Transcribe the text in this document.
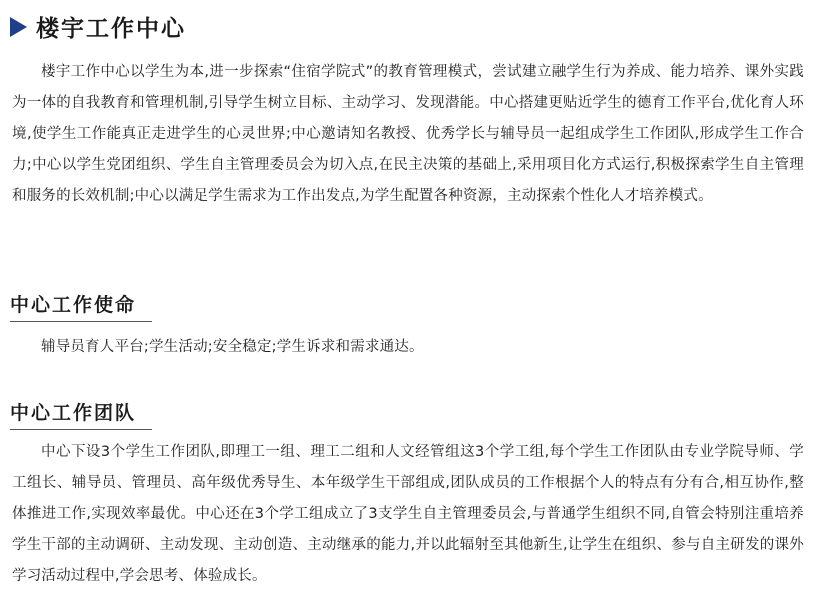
楼宇工作中心

楼宇工作中心以学生为本,进一步探索“住宿学院式”的教育管理模式，尝试建立融学生行为养成、能力培养、课外实践为一体的自我教育和管理机制,引导学生树立目标、主动学习、发现潜能。中心搭建更贴近学生的德育工作平台,优化育人环境,使学生工作能真正走进学生的心灵世界;中心邀请知名教授、优秀学长与辅导员一起组成学生工作团队,形成学生工作合力;中心以学生党团组织、学生自主管理委员会为切入点,在民主决策的基础上,采用项目化方式运行,积极探索学生自主管理和服务的长效机制;中心以满足学生需求为工作出发点,为学生配置各种资源，主动探索个性化人才培养模式。

中心工作使命

辅导员育人平台;学生活动;安全稳定;学生诉求和需求通达。

中心工作团队

中心下设3个学生工作团队,即理工一组、理工二组和人文经管组这3个学工组,每个学生工作团队由专业学院导师、学工组长、辅导员、管理员、高年级优秀导生、本年级学生干部组成,团队成员的工作根据个人的特点有分有合,相互协作,整体推进工作,实现效率最优。中心还在3个学工组成立了3支学生自主管理委员会,与普通学生组织不同,自管会特别注重培养学生干部的主动调研、主动发现、主动创造、主动继承的能力,并以此辐射至其他新生,让学生在组织、参与自主研发的课外学习活动过程中,学会思考、体验成长。
